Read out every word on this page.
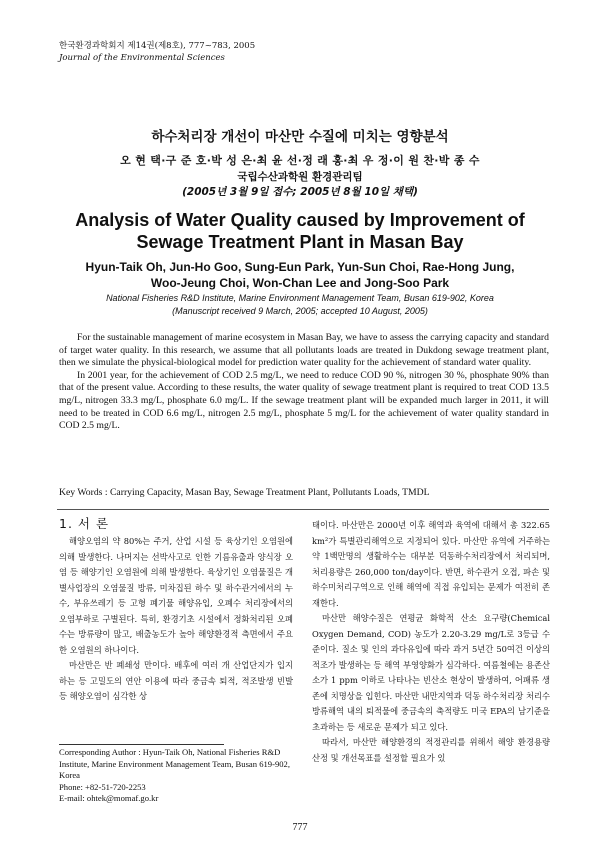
한국환경과학회지 제14권(제8호), 777~783, 2005
Journal of the Environmental Sciences
하수처리장 개선이 마산만 수질에 미치는 영향분석
오 현 택·구 준 호·박 성 은·최 윤 선·정 래 홍·최 우 정·이 원 찬·박 종 수
국립수산과학원 환경관리팀
(2005년 3월 9일 접수; 2005년 8월 10일 채택)
Analysis of Water Quality caused by Improvement of
Sewage Treatment Plant in Masan Bay
Hyun-Taik Oh, Jun-Ho Goo, Sung-Eun Park, Yun-Sun Choi, Rae-Hong Jung,
Woo-Jeung Choi, Won-Chan Lee and Jong-Soo Park
National Fisheries R&D Institute, Marine Environment Management Team, Busan 619-902, Korea
(Manuscript received 9 March, 2005; accepted 10 August, 2005)

For the sustainable management of marine ecosystem in Masan Bay, we have to assess the carrying capacity and standard of target water quality. In this research, we assume that all pollutants loads are treated in Dukdong sewage treatment plant, then we simulate the physical-biological model for prediction water quality for the achievement of standard water quality.

In 2001 year, for the achievement of COD 2.5 mg/L, we need to reduce COD 90 %, nitrogen 30 %, phosphate 90% than that of the present value. According to these results, the water quality of sewage treatment plant is required to treat COD 13.5 mg/L, nitrogen 33.3 mg/L, phosphate 6.0 mg/L. If the sewage treatment plant will be expanded much larger in 2011, it will need to be treated in COD 6.6 mg/L, nitrogen 2.5 mg/L, phosphate 5 mg/L for the achievement of water quality standard in COD 2.5 mg/L.

Key Words : Carrying Capacity, Masan Bay, Sewage Treatment Plant, Pollutants Loads, TMDL
1. 서 론

해양오염의 약 80%는 주거, 산업 시설 등 육상기인 오염원에 의해 발생한다. 나머지는 선박사고로 인한 기름유출과 양식장 오염 등 해양기인 오염원에 의해 발생한다. 육상기인 오염물질은 개별사업장의 오염물질 방류, 미차집된 하수 및 하수관거에서의 누수, 부유쓰레기 등 고형 폐기물 해양유입, 오폐수 처리장에서의 오염부하로 구별된다. 특히, 환경기초 시설에서 정화처리된 오폐수는 방류량이 많고, 배출농도가 높아 해양환경적 측면에서 주요한 오염원의 하나이다.

마산만은 반 폐쇄성 만이다. 배후에 여러 개 산업단지가 입지하는 등 고밀도의 연안 이용에 따라 중금속 퇴적, 적조발생 빈발 등 해양오염이 심각한 상

태이다. 마산만은 2000년 이후 해역과 육역에 대해서 총 322.65 km²가 특별관리해역으로 지정되어 있다. 마산만 유역에 거주하는 약 1백만명의 생활하수는 대부분 덕동하수처리장에서 처리되며, 처리용량은 260,000 ton/day이다. 반면, 하수관거 오접, 파손 및 하수미처리구역으로 인해 해역에 직접 유입되는 문제가 여전히 존재한다.

마산만 해양수질은 연평균 화학적 산소 요구량(Chemical Oxygen Demand, COD) 농도가 2.20-3.29 mg/L로 3등급 수준이다. 질소 및 인의 과다유입에 따라 과거 5년간 50여건 이상의 적조가 발생하는 등 해역 부영양화가 심각하다. 여름철에는 용존산소가 1 ppm 이하로 나타나는 빈산소 현상이 발생하여, 어패류 생존에 치명상을 입힌다. 마산만 내만지역과 덕동 하수처리장 처리수 방류해역 내의 퇴적물에 중금속의 축적량도 미국 EPA의 남기준을 초과하는 등 새로운 문제가 되고 있다.

따라서, 마산만 해양환경의 적정관리를 위해서 해양 환경용량 산정 및 개선목표를 설정할 필요가 있

Corresponding Author : Hyun-Taik Oh, National Fisheries R&D Institute, Marine Environment Management Team, Busan 619-902, Korea
Phone: +82-51-720-2253
E-mail: ohtek@momaf.go.kr
777
